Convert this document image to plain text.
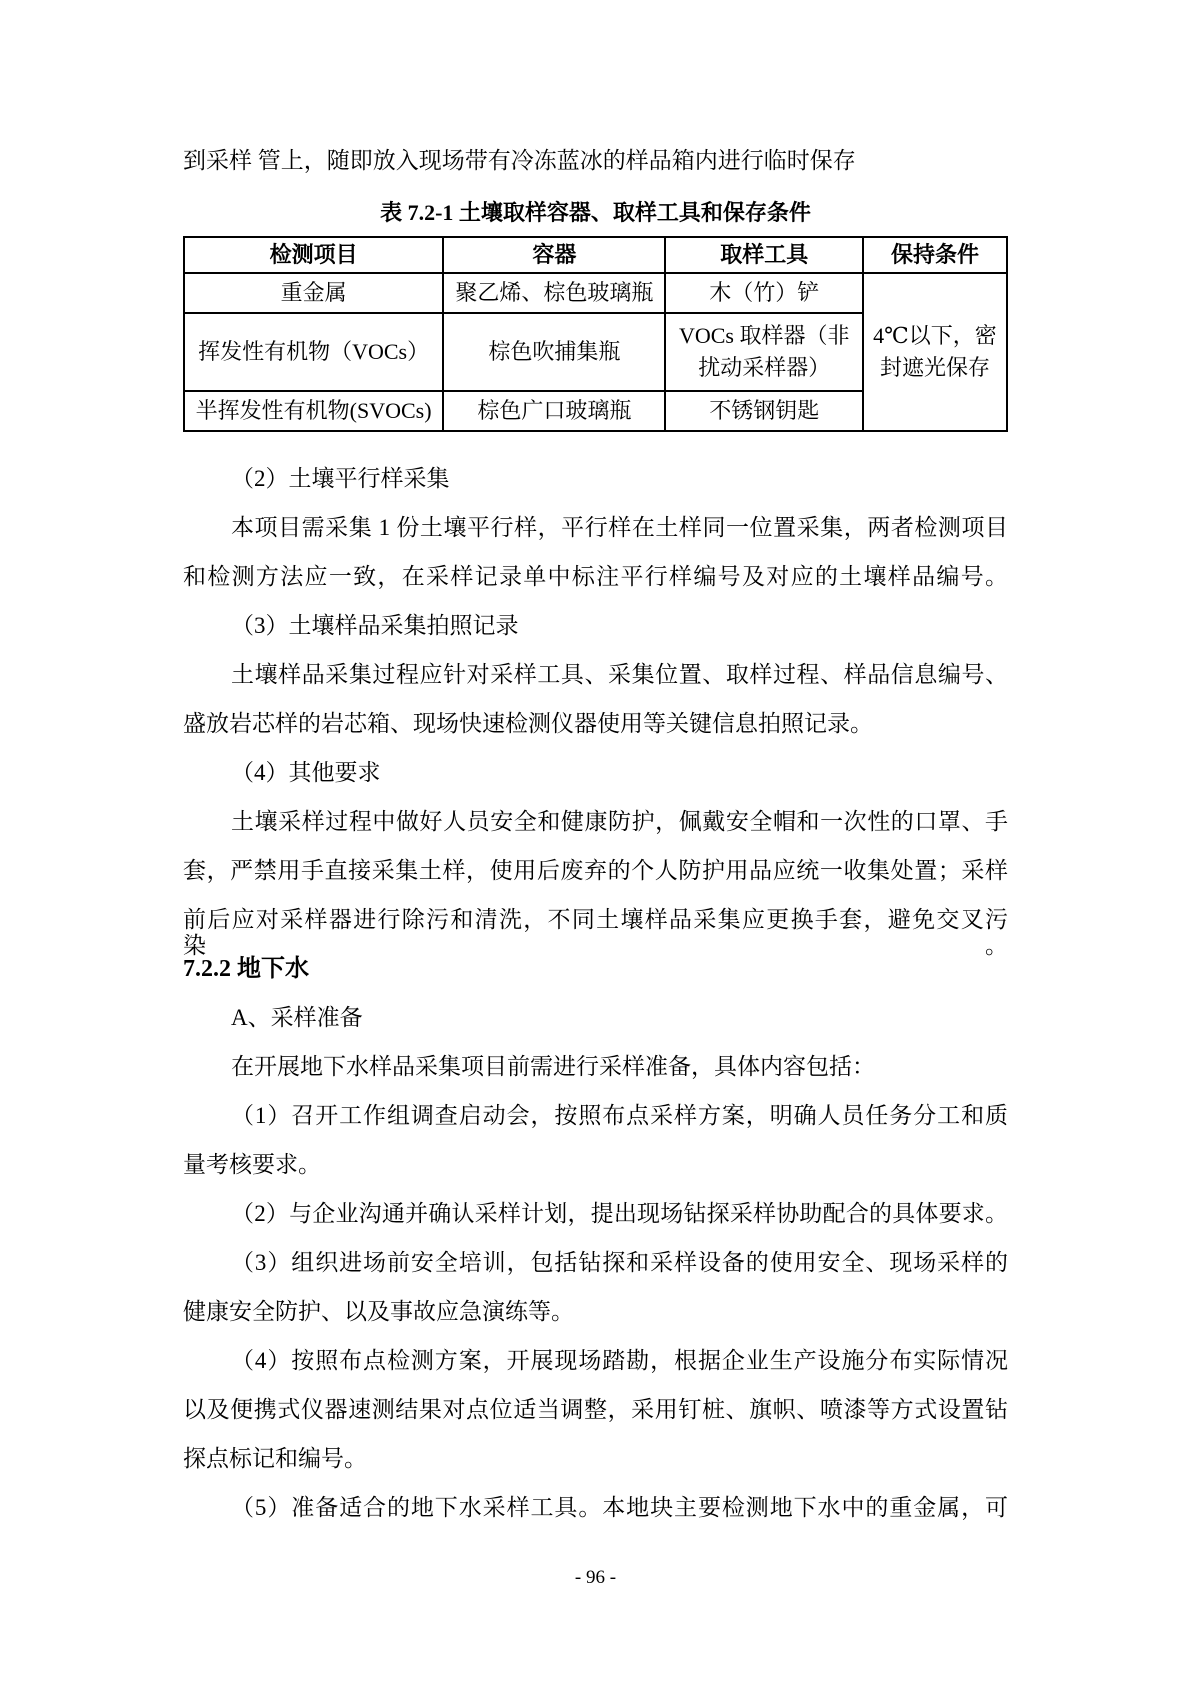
到采样 管上，随即放入现场带有冷冻蓝冰的样品箱内进行临时保存
表 7.2-1 土壤取样容器、取样工具和保存条件
检测项目	容器	取样工具	保持条件
重金属	聚乙烯、棕色玻璃瓶	木（竹）铲	4℃以下，密封遮光保存
挥发性有机物（VOCs）	棕色吹捕集瓶	VOCs 取样器（非扰动采样器）	
半挥发性有机物(SVOCs)	棕色广口玻璃瓶	不锈钢钥匙	
（2）土壤平行样采集
本项目需采集 1 份土壤平行样，平行样在土样同一位置采集，两者检测项目
和检测方法应一致，在采样记录单中标注平行样编号及对应的土壤样品编号。
（3）土壤样品采集拍照记录
土壤样品采集过程应针对采样工具、采集位置、取样过程、样品信息编号、
盛放岩芯样的岩芯箱、现场快速检测仪器使用等关键信息拍照记录。
（4）其他要求
土壤采样过程中做好人员安全和健康防护，佩戴安全帽和一次性的口罩、手
套，严禁用手直接采集土样，使用后废弃的个人防护用品应统一收集处置；采样
前后应对采样器进行除污和清洗，不同土壤样品采集应更换手套，避免交叉污染。
7.2.2 地下水
A、采样准备
在开展地下水样品采集项目前需进行采样准备，具体内容包括：
（1）召开工作组调查启动会，按照布点采样方案，明确人员任务分工和质
量考核要求。
（2）与企业沟通并确认采样计划，提出现场钻探采样协助配合的具体要求。
（3）组织进场前安全培训，包括钻探和采样设备的使用安全、现场采样的
健康安全防护、以及事故应急演练等。
（4）按照布点检测方案，开展现场踏勘，根据企业生产设施分布实际情况
以及便携式仪器速测结果对点位适当调整，采用钉桩、旗帜、喷漆等方式设置钻
探点标记和编号。
（5）准备适合的地下水采样工具。本地块主要检测地下水中的重金属，可
- 96 -
